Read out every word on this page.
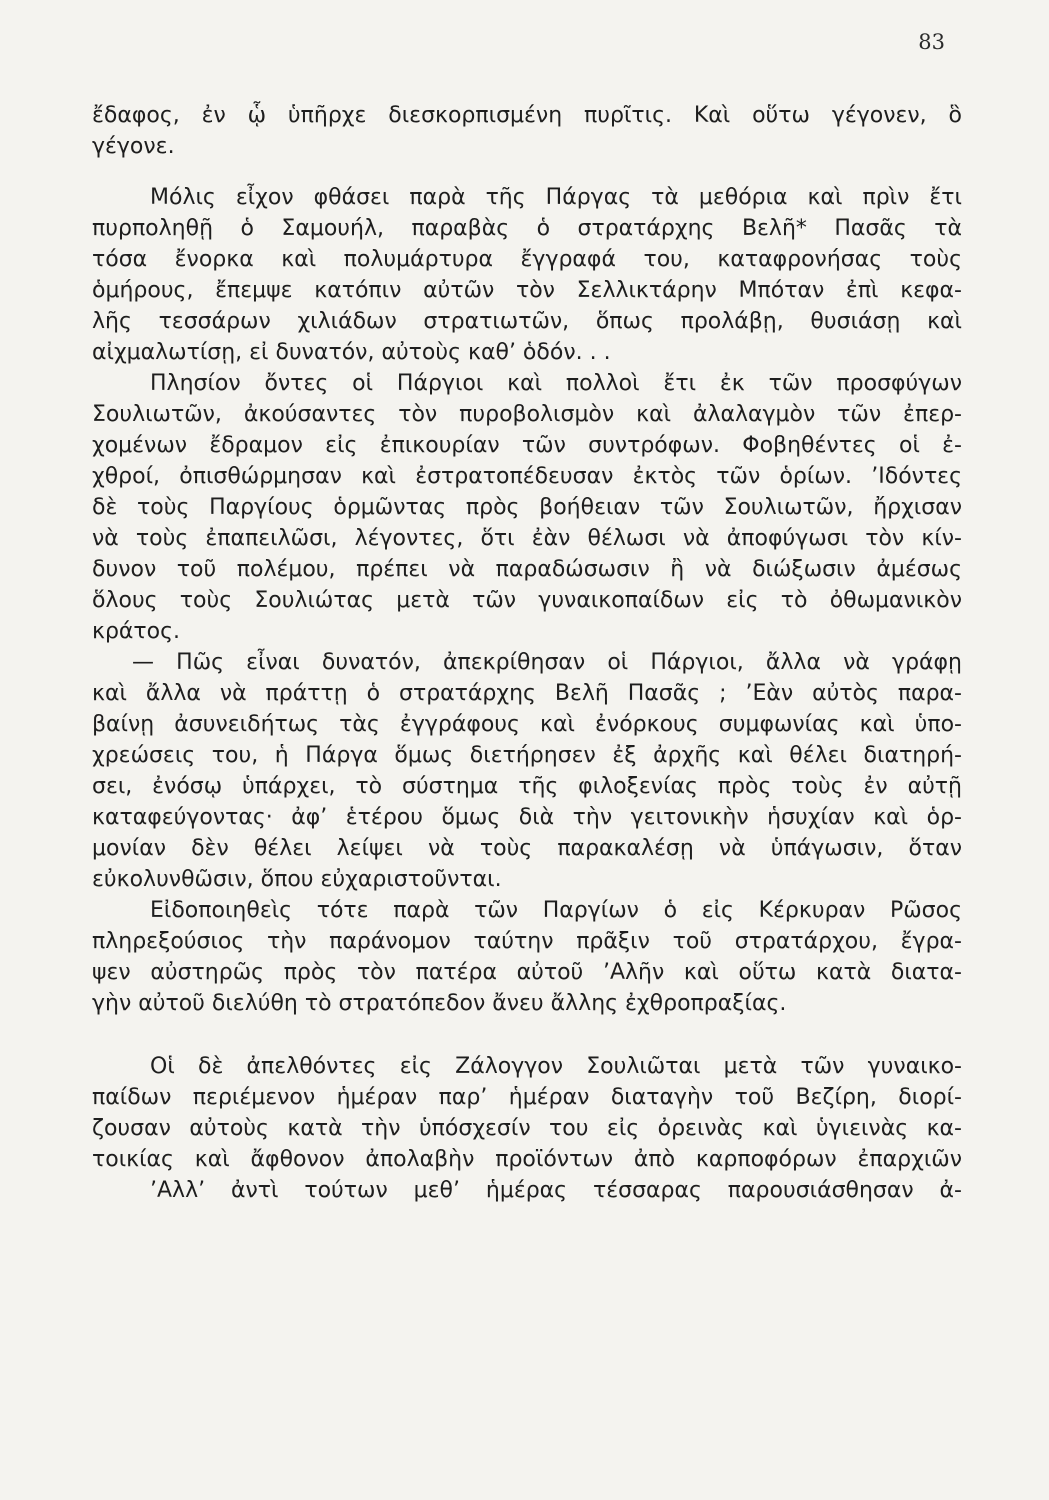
83
ἔδαφος, ἐν ᾧ ὑπῆρχε διεσκορπισμένη πυρῖτις. Καὶ οὕτω γέγονεν, ὃ
γέγονε.
Μόλις εἶχον φθάσει παρὰ τῆς Πάργας τὰ μεθόρια καὶ πρὶν ἔτι
πυρποληθῇ ὁ Σαμουήλ, παραβὰς ὁ στρατάρχης Βελῆ* Πασᾶς τὰ
τόσα ἔνορκα καὶ πολυμάρτυρα ἔγγραφά του, καταφρονήσας τοὺς
ὁμήρους, ἔπεμψε κατόπιν αὐτῶν τὸν Σελλικτάρην Μπόταν ἐπὶ κεφα-
λῆς τεσσάρων χιλιάδων στρατιωτῶν, ὅπως προλάβῃ, θυσιάσῃ καὶ
αἰχμαλωτίσῃ, εἰ δυνατόν, αὐτοὺς καθ’ ὁδόν. . .
Πλησίον ὄντες οἱ Πάργιοι καὶ πολλοὶ ἔτι ἐκ τῶν προσφύγων
Σουλιωτῶν, ἀκούσαντες τὸν πυροβολισμὸν καὶ ἀλαλαγμὸν τῶν ἐπερ-
χομένων ἔδραμον εἰς ἐπικουρίαν τῶν συντρόφων. Φοβηθέντες οἱ ἐ-
χθροί, ὀπισθώρμησαν καὶ ἐστρατοπέδευσαν ἐκτὸς τῶν ὁρίων. ’Ιδόντες
δὲ τοὺς Παργίους ὁρμῶντας πρὸς βοήθειαν τῶν Σουλιωτῶν, ἤρχισαν
νὰ τοὺς ἐπαπειλῶσι, λέγοντες, ὅτι ἐὰν θέλωσι νὰ ἀποφύγωσι τὸν κίν-
δυνον τοῦ πολέμου, πρέπει νὰ παραδώσωσιν ἢ νὰ διώξωσιν ἀμέσως
ὅλους τοὺς Σουλιώτας μετὰ τῶν γυναικοπαίδων εἰς τὸ ὀθωμανικὸν
κράτος.
— Πῶς εἶναι δυνατόν, ἀπεκρίθησαν οἱ Πάργιοι, ἄλλα νὰ γράφῃ
καὶ ἄλλα νὰ πράττῃ ὁ στρατάρχης Βελῆ Πασᾶς ; ’Εὰν αὐτὸς παρα-
βαίνῃ ἀσυνειδήτως τὰς ἐγγράφους καὶ ἐνόρκους συμφωνίας καὶ ὑπο-
χρεώσεις του, ἡ Πάργα ὅμως διετήρησεν ἐξ ἀρχῆς καὶ θέλει διατηρή-
σει, ἐνόσῳ ὑπάρχει, τὸ σύστημα τῆς φιλοξενίας πρὸς τοὺς ἐν αὐτῇ
καταφεύγοντας· ἀφ’ ἑτέρου ὅμως διὰ τὴν γειτονικὴν ἡσυχίαν καὶ ὁρ-
μονίαν δὲν θέλει λείψει νὰ τοὺς παρακαλέσῃ νὰ ὑπάγωσιν, ὅταν
εὐκολυνθῶσιν, ὅπου εὐχαριστοῦνται.
Εἰδοποιηθεὶς τότε παρὰ τῶν Παργίων ὁ εἰς Κέρκυραν Ρῶσος
πληρεξούσιος τὴν παράνομον ταύτην πρᾶξιν τοῦ στρατάρχου, ἔγρα-
ψεν αὐστηρῶς πρὸς τὸν πατέρα αὐτοῦ ’Αλῆν καὶ οὕτω κατὰ διατα-
γὴν αὐτοῦ διελύθη τὸ στρατόπεδον ἄνευ ἄλλης ἐχθροπραξίας.
Οἱ δὲ ἀπελθόντες εἰς Ζάλογγον Σουλιῶται μετὰ τῶν γυναικο-
παίδων περιέμενον ἡμέραν παρ’ ἡμέραν διαταγὴν τοῦ Βεζίρη, διορί-
ζουσαν αὐτοὺς κατὰ τὴν ὑπόσχεσίν του εἰς ὀρεινὰς καὶ ὑγιεινὰς κα-
τοικίας καὶ ἄφθονον ἀπολαβὴν προϊόντων ἀπὸ καρποφόρων ἐπαρχιῶν
’Αλλ’ ἀντὶ τούτων μεθ’ ἡμέρας τέσσαρας παρουσιάσθησαν ἀ-
